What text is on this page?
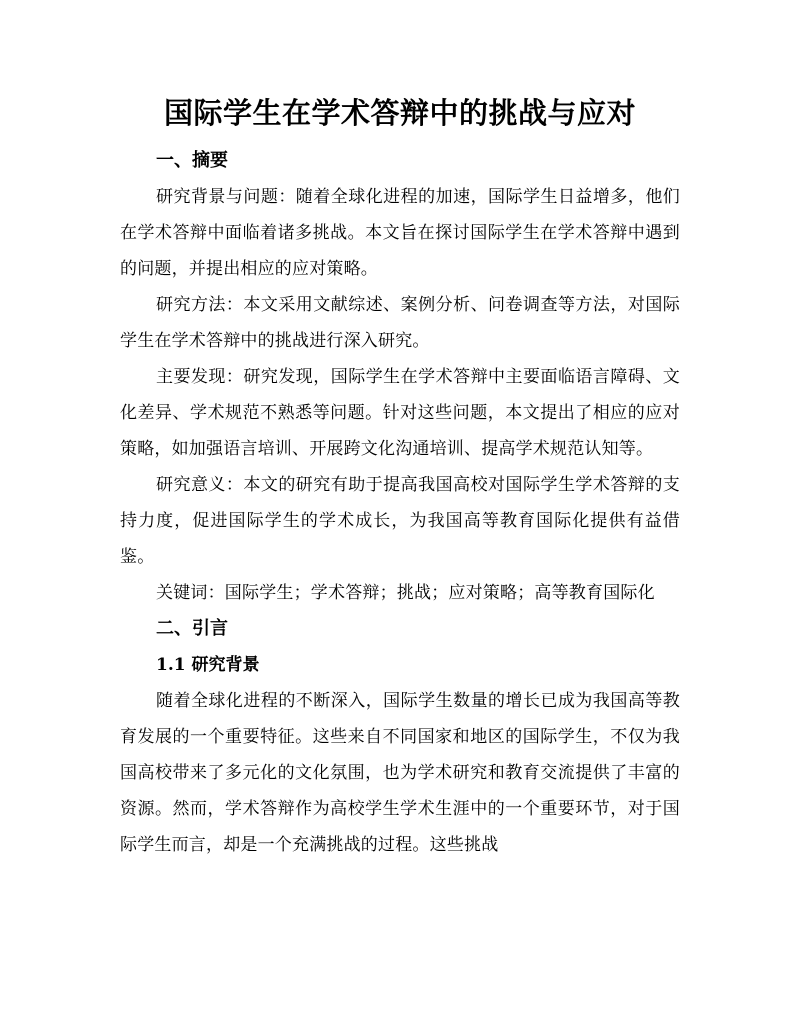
国际学生在学术答辩中的挑战与应对
一、摘要

研究背景与问题：随着全球化进程的加速，国际学生日益增多，他们在学术答辩中面临着诸多挑战。本文旨在探讨国际学生在学术答辩中遇到的问题，并提出相应的应对策略。

研究方法：本文采用文献综述、案例分析、问卷调查等方法，对国际学生在学术答辩中的挑战进行深入研究。

主要发现：研究发现，国际学生在学术答辩中主要面临语言障碍、文化差异、学术规范不熟悉等问题。针对这些问题，本文提出了相应的应对策略，如加强语言培训、开展跨文化沟通培训、提高学术规范认知等。

研究意义：本文的研究有助于提高我国高校对国际学生学术答辩的支持力度，促进国际学生的学术成长，为我国高等教育国际化提供有益借鉴。

关键词：国际学生；学术答辩；挑战；应对策略；高等教育国际化

二、引言
1.1 研究背景

随着全球化进程的不断深入，国际学生数量的增长已成为我国高等教育发展的一个重要特征。这些来自不同国家和地区的国际学生，不仅为我国高校带来了多元化的文化氛围，也为学术研究和教育交流提供了丰富的资源。然而，学术答辩作为高校学生学术生涯中的一个重要环节，对于国际学生而言，却是一个充满挑战的过程。这些挑战
